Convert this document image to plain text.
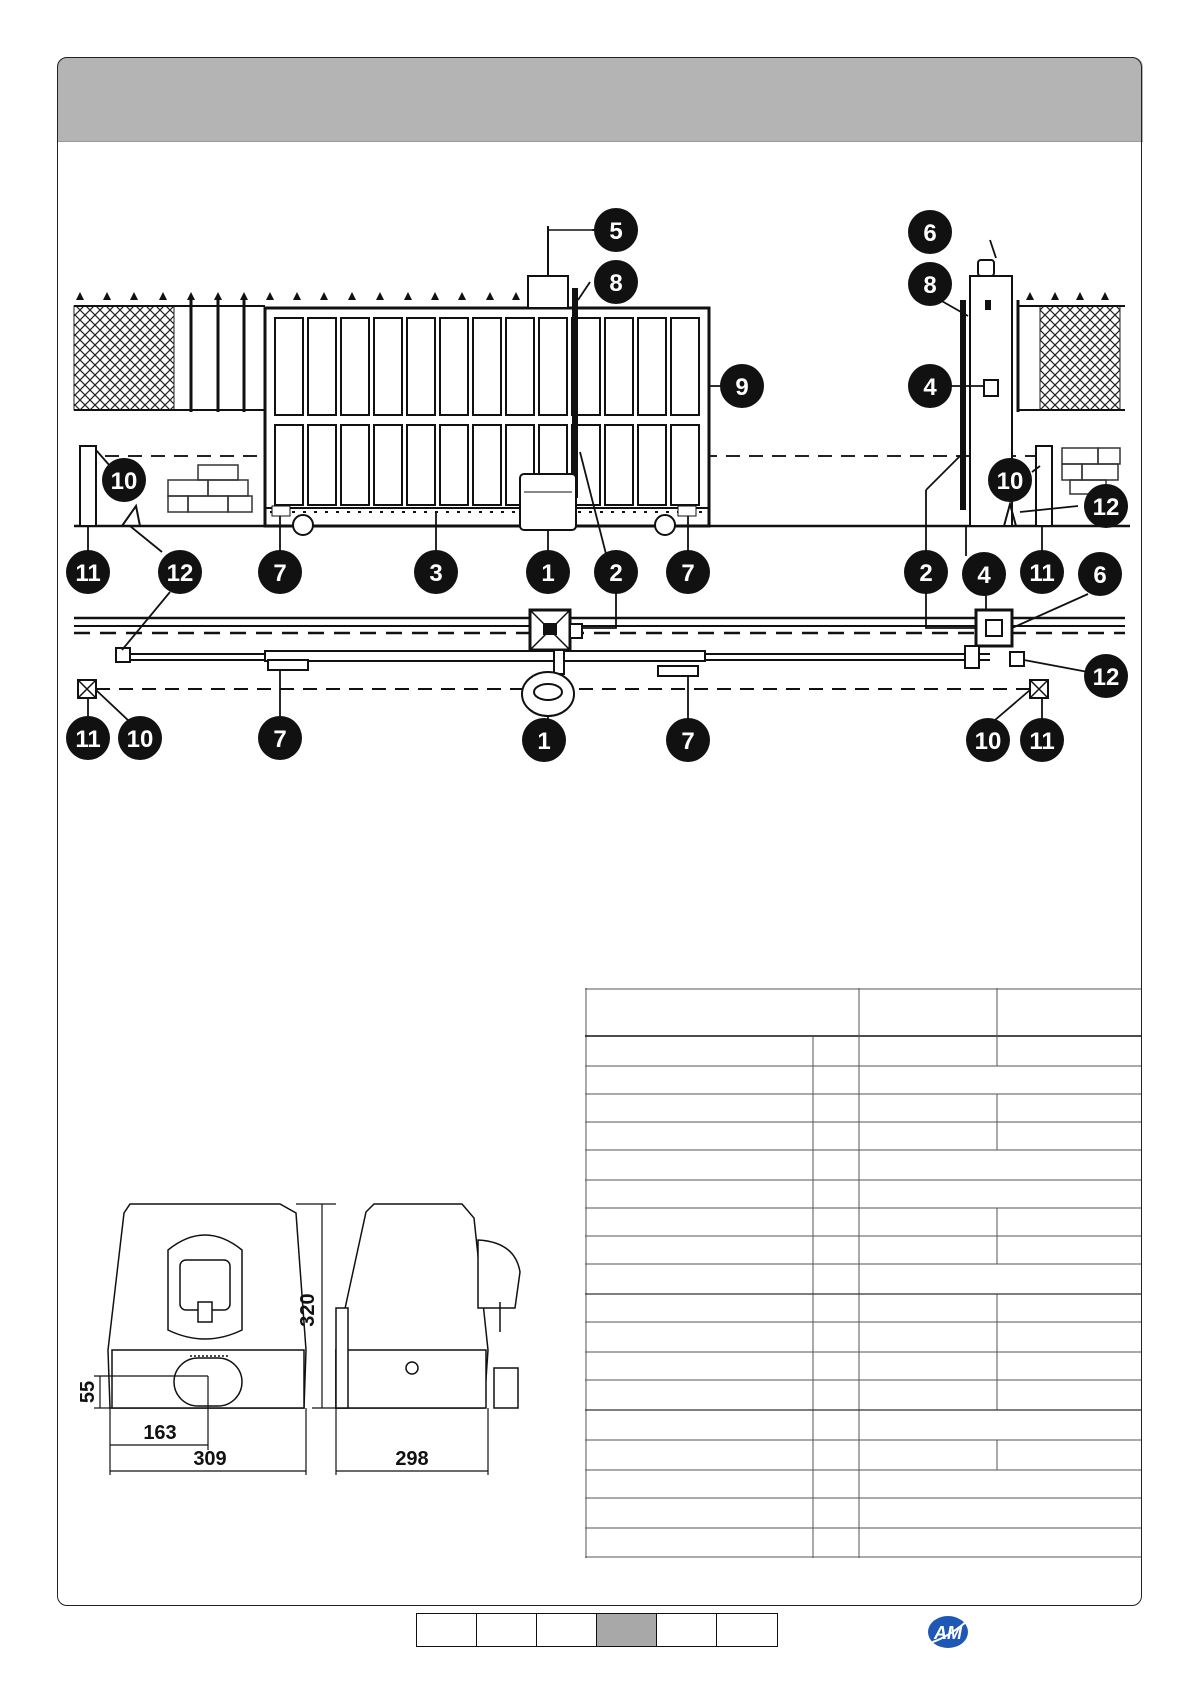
5
8
9
6
8
4
10	10
12
11	12	7	3	1 2 7	2 4 11 6
12
11 10	7	1	7	10 11
163
309	298
320
55
AM
